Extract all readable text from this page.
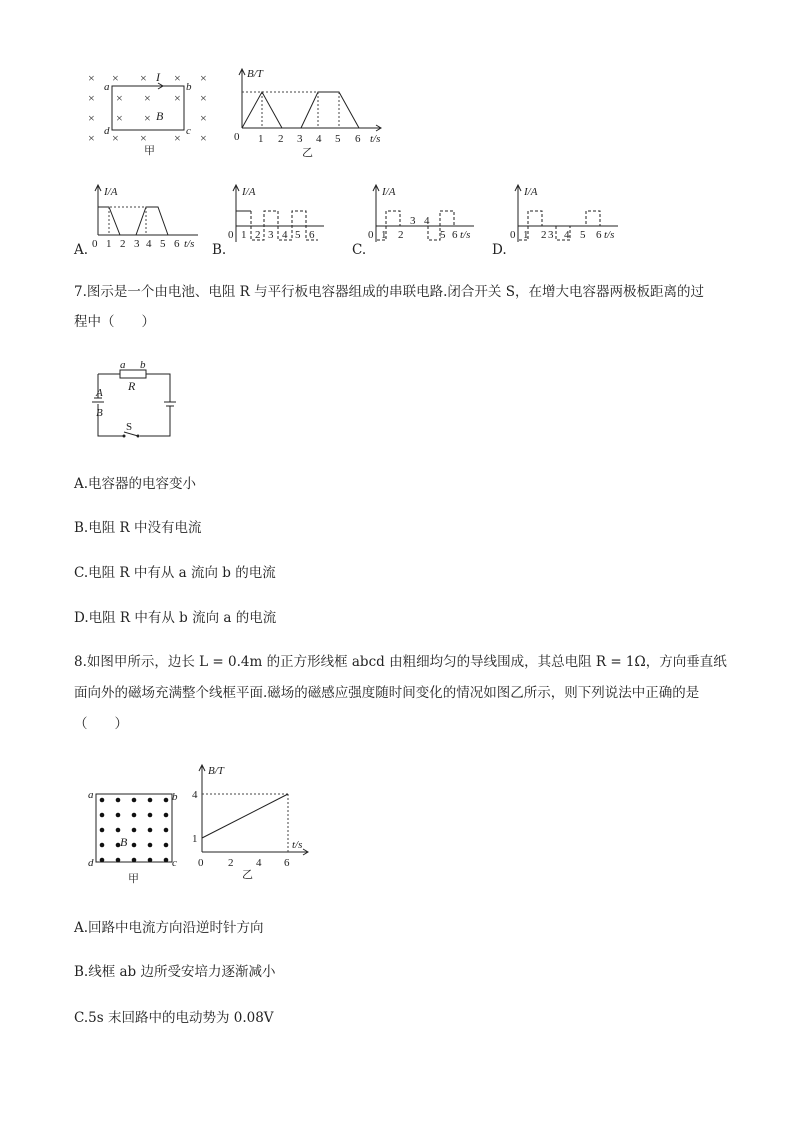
× × × × ×
× × × × ×
× × ×	×
× × × × ×
a	b
c
d
I
B
甲
B/T
0 1 2 3 4 5 6 t/s
乙
A.
I/A
0 1 2 3 4 5 6 t/s B.
I/A
0 1 2 3 4 5 6
C.
I/A
0 1 2
3 4
5 6 t/s
D.
I/A
0 1 2 3 4 5 6 t/s
7.图示是一个由电池、电阻 R 与平行板电容器组成的串联电路.闭合开关 S，在增大电容器两极板距离的过
程中（　　）
a b
R
A
B
S
A.电容器的电容变小
B.电阻 R 中没有电流
C.电阻 R 中有从 a 流向 b 的电流
D.电阻 R 中有从 b 流向 a 的电流
8.如图甲所示，边长 L = 0.4m 的正方形线框 abcd 由粗细均匀的导线围成，其总电阻 R = 1Ω，方向垂直纸
面向外的磁场充满整个线框平面.磁场的磁感应强度随时间变化的情况如图乙所示，则下列说法中正确的是
（　　）
a	b
c
d
B
甲
B/T
4
1
0 2 4 6
t/s
乙
A.回路中电流方向沿逆时针方向
B.线框 ab 边所受安培力逐渐减小
C.5s 末回路中的电动势为 0.08V
